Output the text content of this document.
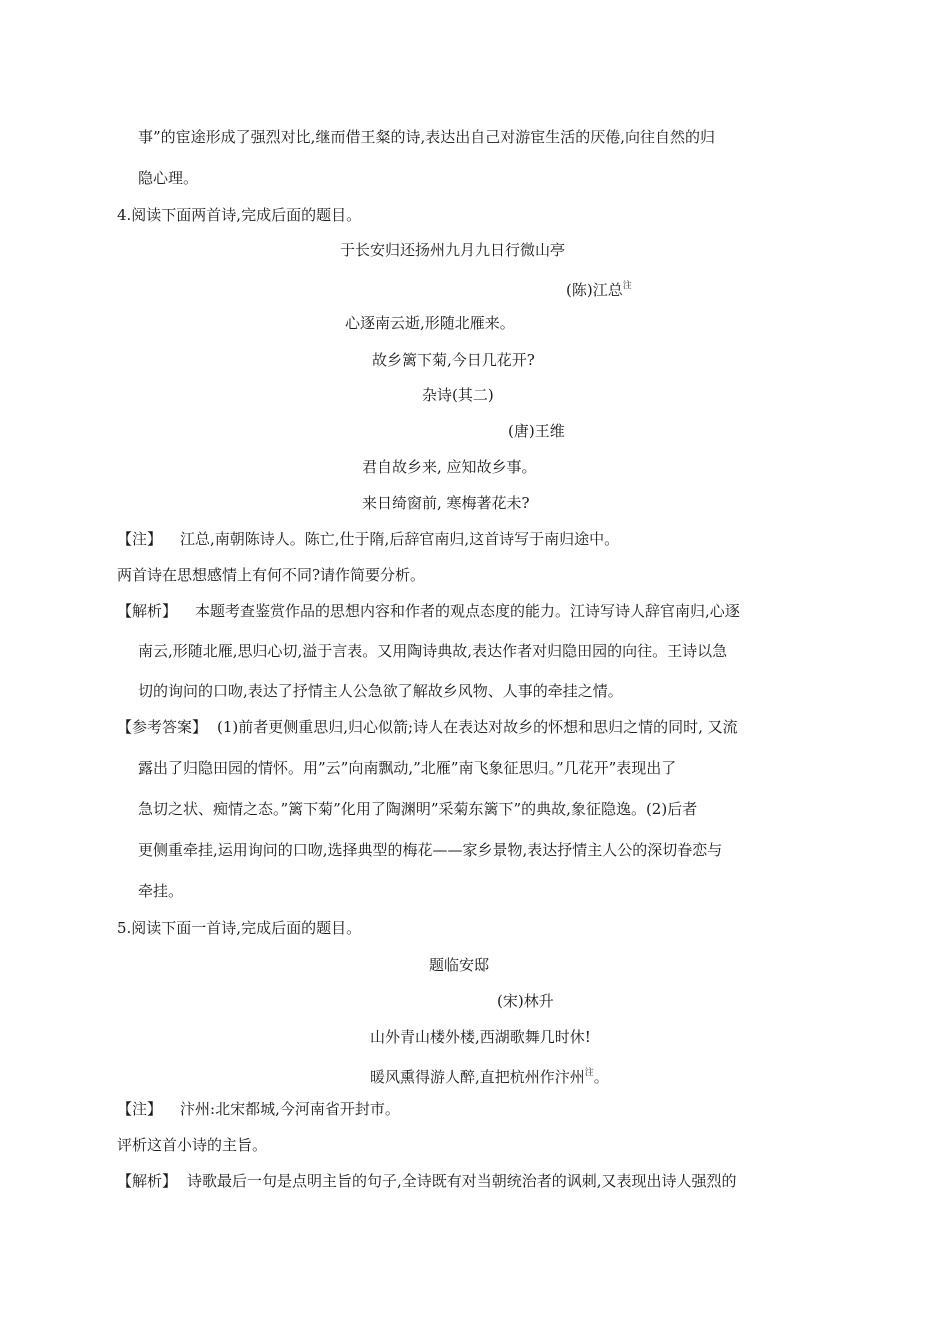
事”的宦途形成了强烈对比,继而借王粲的诗,表达出自己对游宦生活的厌倦,向往自然的归
隐心理。
4.阅读下面两首诗,完成后面的题目。
于长安归还扬州九月九日行微山亭
(陈)江总$^注$
心逐南云逝,形随北雁来。
故乡篱下菊,今日几花开?
杂诗(其二)
(唐)王维
君自故乡来, 应知故乡事。
来日绮窗前, 寒梅著花未?
【注】 江总,南朝陈诗人。陈亡,仕于隋,后辞官南归,这首诗写于南归途中。
两首诗在思想感情上有何不同?请作简要分析。
【解析】 本题考查鉴赏作品的思想内容和作者的观点态度的能力。江诗写诗人辞官南归,心逐
南云,形随北雁,思归心切,溢于言表。又用陶诗典故,表达作者对归隐田园的向往。王诗以急
切的询问的口吻,表达了抒情主人公急欲了解故乡风物、人事的牵挂之情。
【参考答案】 (1)前者更侧重思归,归心似箭;诗人在表达对故乡的怀想和思归之情的同时, 又流
露出了归隐田园的情怀。用”云”向南飘动,”北雁”南飞象征思归。”几花开”表现出了
急切之状、痴情之态。”篱下菊”化用了陶渊明”采菊东篱下”的典故,象征隐逸。(2)后者
更侧重牵挂,运用询问的口吻,选择典型的梅花——家乡景物,表达抒情主人公的深切眷恋与
牵挂。
5.阅读下面一首诗,完成后面的题目。
题临安邸
(宋)林升
山外青山楼外楼,西湖歌舞几时休!
暖风熏得游人醉,直把杭州作汴州$^注$。
【注】 汴州:北宋都城,今河南省开封市。
评析这首小诗的主旨。
【解析】 诗歌最后一句是点明主旨的句子,全诗既有对当朝统治者的讽刺,又表现出诗人强烈的
